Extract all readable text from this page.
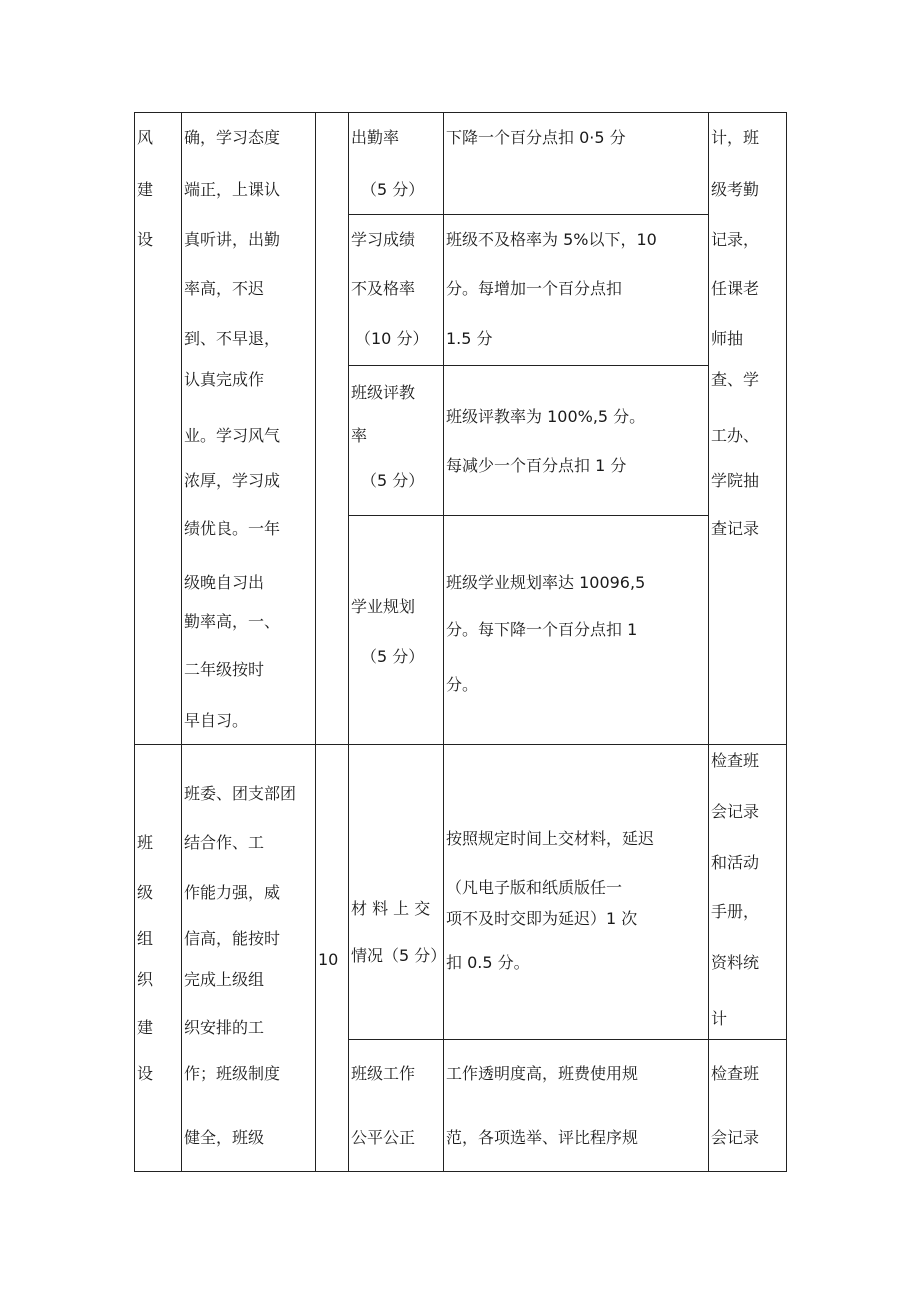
风
建
设
确，学习态度
端正，上课认
真听讲，出勤
率高，不迟
到、不早退，
认真完成作
业。学习风气
浓厚，学习成
绩优良。一年
级晚自习出
勤率高，一、
二年级按时
早自习。
出勤率
（5 分）
下降一个百分点扣 0·5 分
学习成绩
不及格率
（10 分）
班级不及格率为 5%以下，10
分。每增加一个百分点扣
1.5 分
班级评教
率
（5 分）
班级评教率为 100%,5 分。
每减少一个百分点扣 1 分
学业规划
（5 分）
班级学业规划率达 10096,5
分。每下降一个百分点扣 1
分。
计，班
级考勤
记录，
任课老
师抽
查、学
工办、
学院抽
查记录
班
级
组
织
建
设
班委、团支部团
结合作、工
作能力强，威
信高，能按时
完成上级组
织安排的工
作；班级制度
健全，班级
10
材 料 上 交
情况（5 分）
按照规定时间上交材料，延迟
（凡电子版和纸质版任一
项不及时交即为延迟）1 次
扣 0.5 分。
检查班
会记录
和活动
手册，
资料统
计
班级工作
公平公正
工作透明度高，班费使用规
范，各项选举、评比程序规
检查班
会记录
